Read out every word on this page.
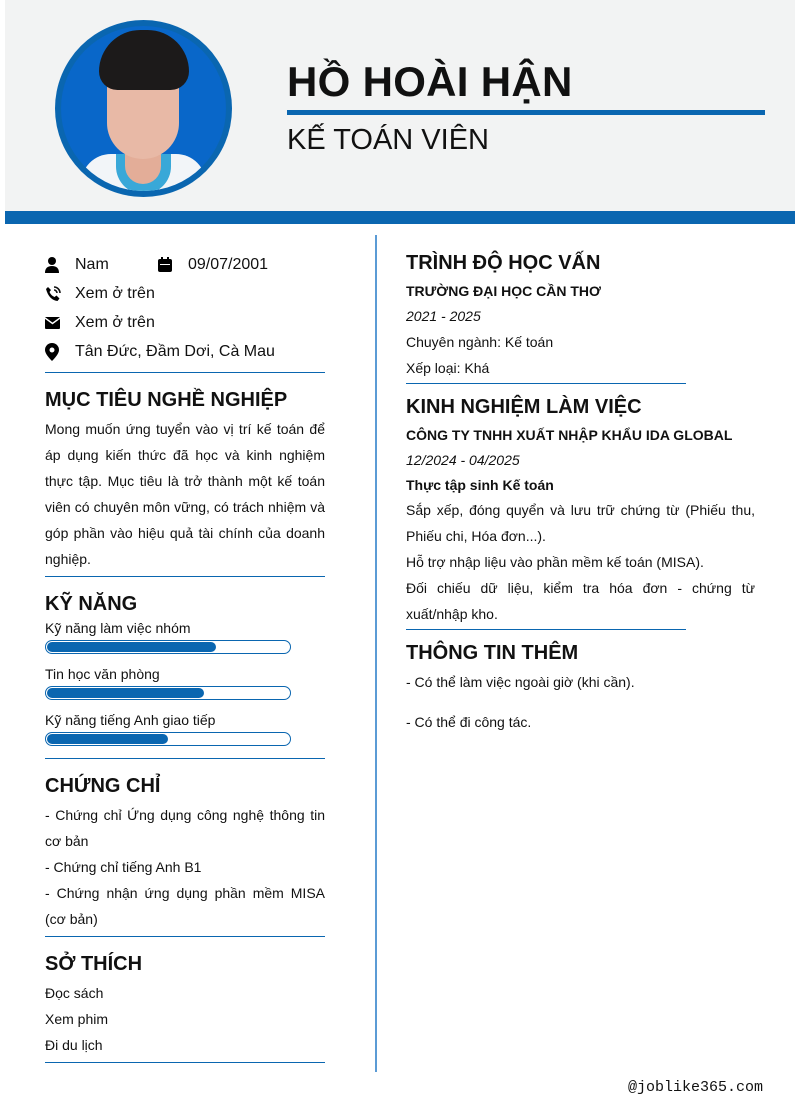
HỒ HOÀI HẬN
KẾ TOÁN VIÊN
Nam	09/07/2001
Xem ở trên
Xem ở trên
Tân Đức, Đầm Dơi, Cà Mau
MỤC TIÊU NGHỀ NGHIỆP
Mong muốn ứng tuyển vào vị trí kế toán để áp dụng kiến thức đã học và kinh nghiệm thực tập. Mục tiêu là trở thành một kế toán viên có chuyên môn vững, có trách nhiệm và góp phần vào hiệu quả tài chính của doanh nghiệp.
KỸ NĂNG
Kỹ năng làm việc nhóm
Tin học văn phòng
Kỹ năng tiếng Anh giao tiếp
CHỨNG CHỈ
- Chứng chỉ Ứng dụng công nghệ thông tin cơ bản
- Chứng chỉ tiếng Anh B1
- Chứng nhận ứng dụng phần mềm MISA (cơ bản)
SỞ THÍCH
Đọc sách
Xem phim
Đi du lịch
TRÌNH ĐỘ HỌC VẤN
TRƯỜNG ĐẠI HỌC CẦN THƠ
2021 - 2025
Chuyên ngành: Kế toán
Xếp loại: Khá
KINH NGHIỆM LÀM VIỆC
CÔNG TY TNHH XUẤT NHẬP KHẨU IDA GLOBAL
12/2024 - 04/2025
Thực tập sinh Kế toán
Sắp xếp, đóng quyển và lưu trữ chứng từ (Phiếu thu, Phiếu chi, Hóa đơn...).
Hỗ trợ nhập liệu vào phần mềm kế toán (MISA).
Đối chiếu dữ liệu, kiểm tra hóa đơn - chứng từ xuất/nhập kho.
THÔNG TIN THÊM
- Có thể làm việc ngoài giờ (khi cần).
- Có thể đi công tác.
@joblike365.com
